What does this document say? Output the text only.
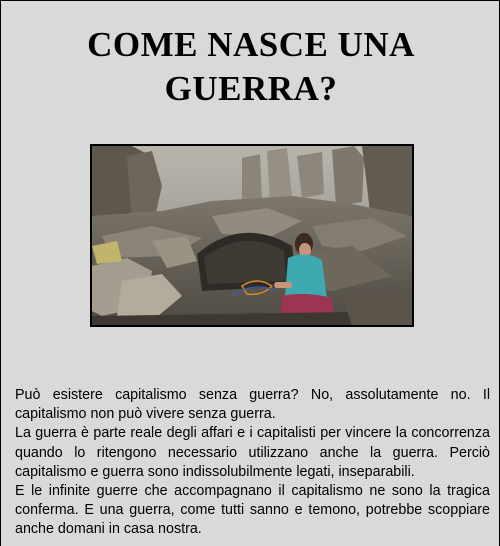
COME NASCE UNA
GUERRA?

Può esistere capitalismo senza guerra? No, assolutamente no. Il capitalismo non può vivere senza guerra.

La guerra è parte reale degli affari e i capitalisti per vincere la concorrenza quando lo ritengono necessario utilizzano anche la guerra. Perciò capitalismo e guerra sono indissolubilmente legati, inseparabili.

E le infinite guerre che accompagnano il capitalismo ne sono la tragica conferma. E una guerra, come tutti sanno e temono, potrebbe scoppiare anche domani in casa nostra.
